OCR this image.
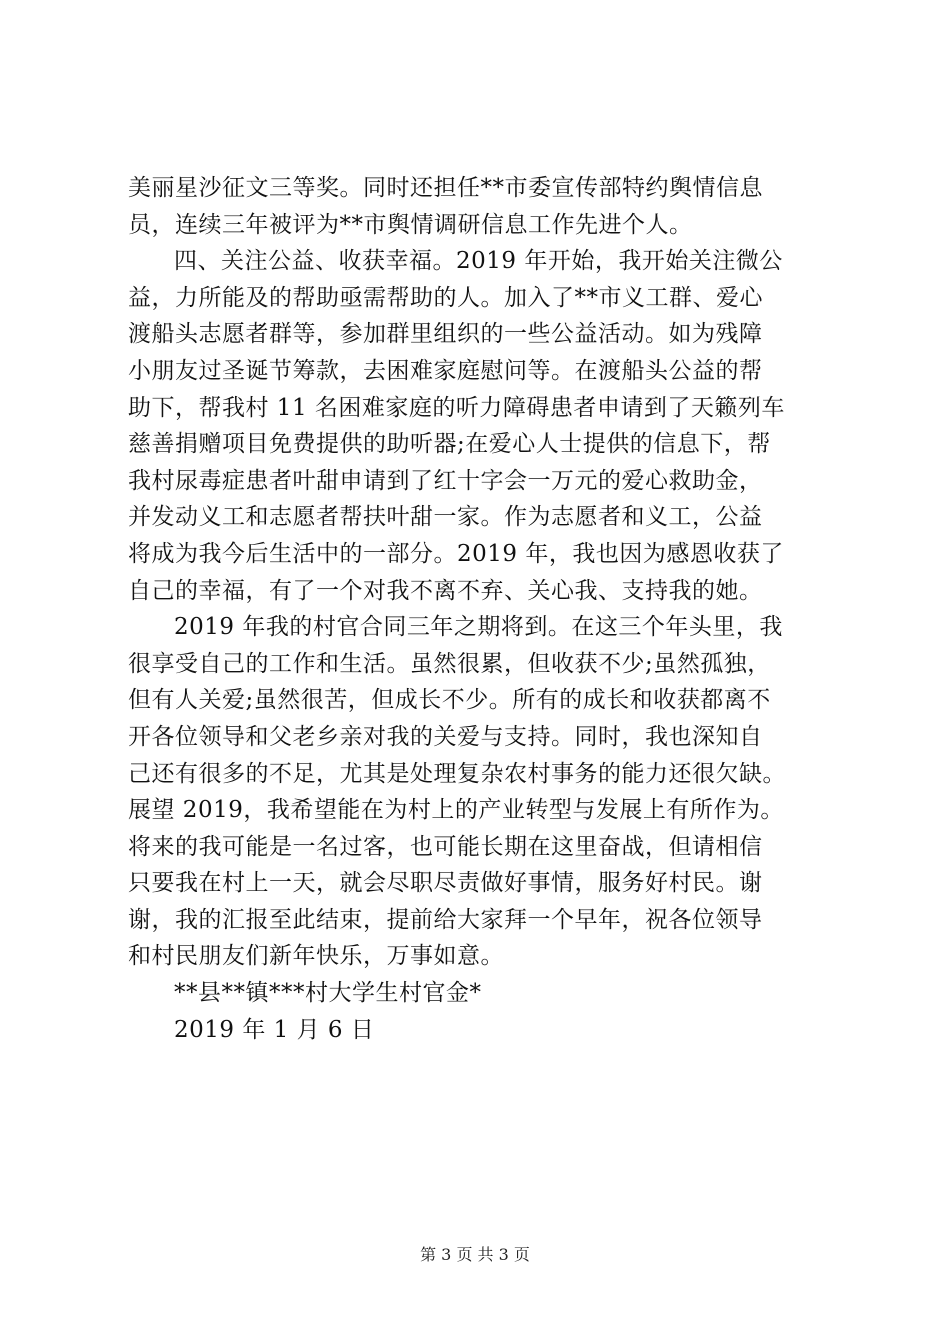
美丽星沙征文三等奖。同时还担任**市委宣传部特约舆情信息
员，连续三年被评为**市舆情调研信息工作先进个人。
四、关注公益、收获幸福。2019 年开始，我开始关注微公
益，力所能及的帮助亟需帮助的人。加入了**市义工群、爱心
渡船头志愿者群等，参加群里组织的一些公益活动。如为残障
小朋友过圣诞节筹款，去困难家庭慰问等。在渡船头公益的帮
助下，帮我村 11 名困难家庭的听力障碍患者申请到了天籁列车
慈善捐赠项目免费提供的助听器;在爱心人士提供的信息下，帮
我村尿毒症患者叶甜申请到了红十字会一万元的爱心救助金，
并发动义工和志愿者帮扶叶甜一家。作为志愿者和义工，公益
将成为我今后生活中的一部分。2019 年，我也因为感恩收获了
自己的幸福，有了一个对我不离不弃、关心我、支持我的她。
2019 年我的村官合同三年之期将到。在这三个年头里，我
很享受自己的工作和生活。虽然很累，但收获不少;虽然孤独，
但有人关爱;虽然很苦，但成长不少。所有的成长和收获都离不
开各位领导和父老乡亲对我的关爱与支持。同时，我也深知自
己还有很多的不足，尤其是处理复杂农村事务的能力还很欠缺。
展望 2019，我希望能在为村上的产业转型与发展上有所作为。
将来的我可能是一名过客，也可能长期在这里奋战，但请相信
只要我在村上一天，就会尽职尽责做好事情，服务好村民。谢
谢，我的汇报至此结束，提前给大家拜一个早年，祝各位领导
和村民朋友们新年快乐，万事如意。
**县**镇***村大学生村官金*
2019 年 1 月 6 日
第 3 页 共 3 页
